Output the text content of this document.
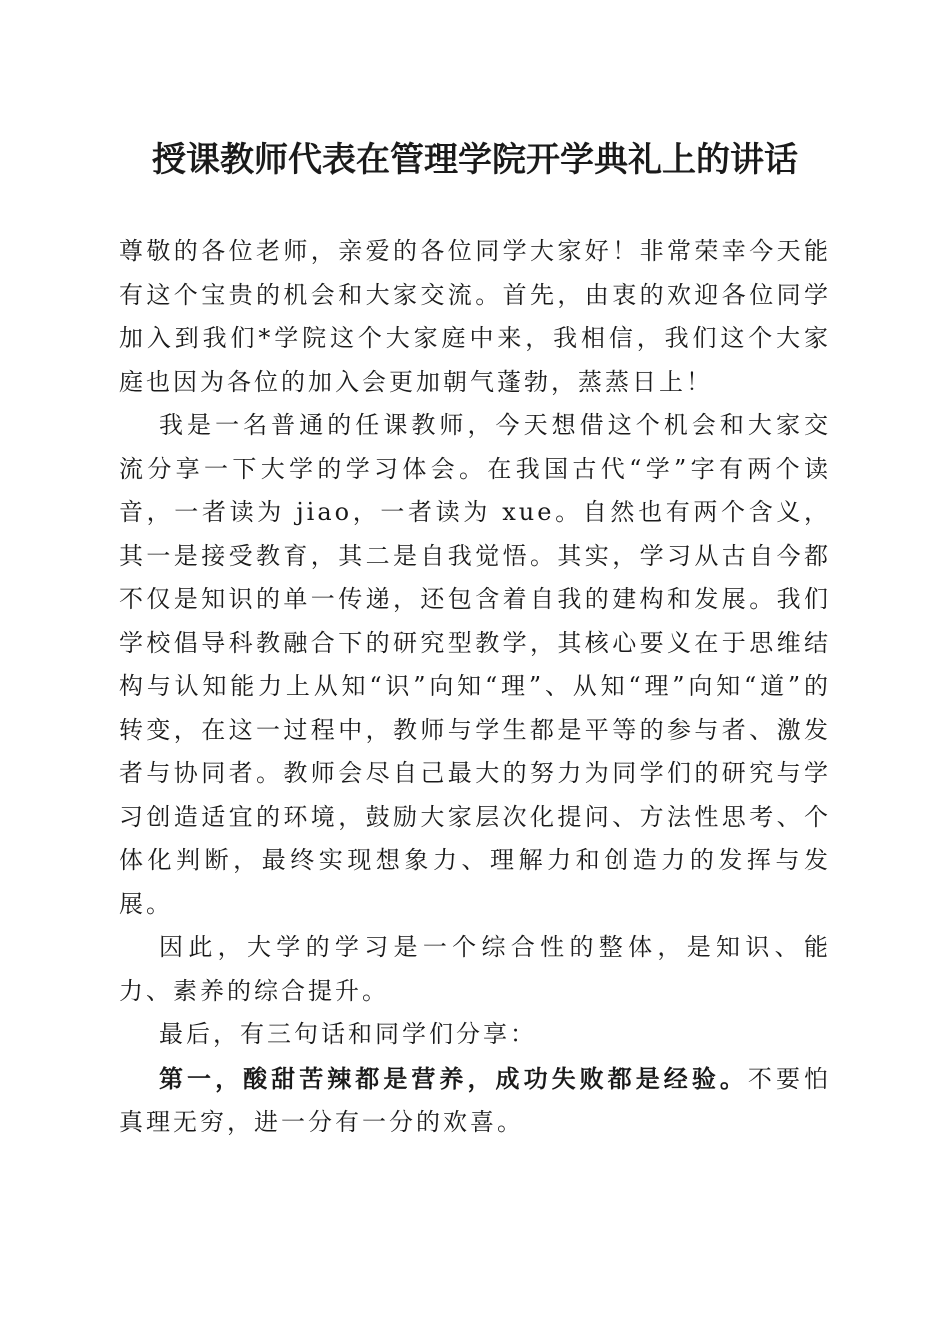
授课教师代表在管理学院开学典礼上的讲话

尊敬的各位老师，亲爱的各位同学大家好！非常荣幸今天能有这个宝贵的机会和大家交流。首先，由衷的欢迎各位同学加入到我们*学院这个大家庭中来，我相信，我们这个大家庭也因为各位的加入会更加朝气蓬勃，蒸蒸日上！

我是一名普通的任课教师，今天想借这个机会和大家交流分享一下大学的学习体会。在我国古代“学”字有两个读音，一者读为 jiao，一者读为 xue。自然也有两个含义，其一是接受教育，其二是自我觉悟。其实，学习从古自今都不仅是知识的单一传递，还包含着自我的建构和发展。我们学校倡导科教融合下的研究型教学，其核心要义在于思维结构与认知能力上从知“识”向知“理”、从知“理”向知“道”的转变，在这一过程中，教师与学生都是平等的参与者、激发者与协同者。教师会尽自己最大的努力为同学们的研究与学习创造适宜的环境，鼓励大家层次化提问、方法性思考、个体化判断，最终实现想象力、理解力和创造力的发挥与发展。

因此，大学的学习是一个综合性的整体，是知识、能力、素养的综合提升。

最后，有三句话和同学们分享：

第一，酸甜苦辣都是营养，成功失败都是经验。不要怕真理无穷，进一分有一分的欢喜。
